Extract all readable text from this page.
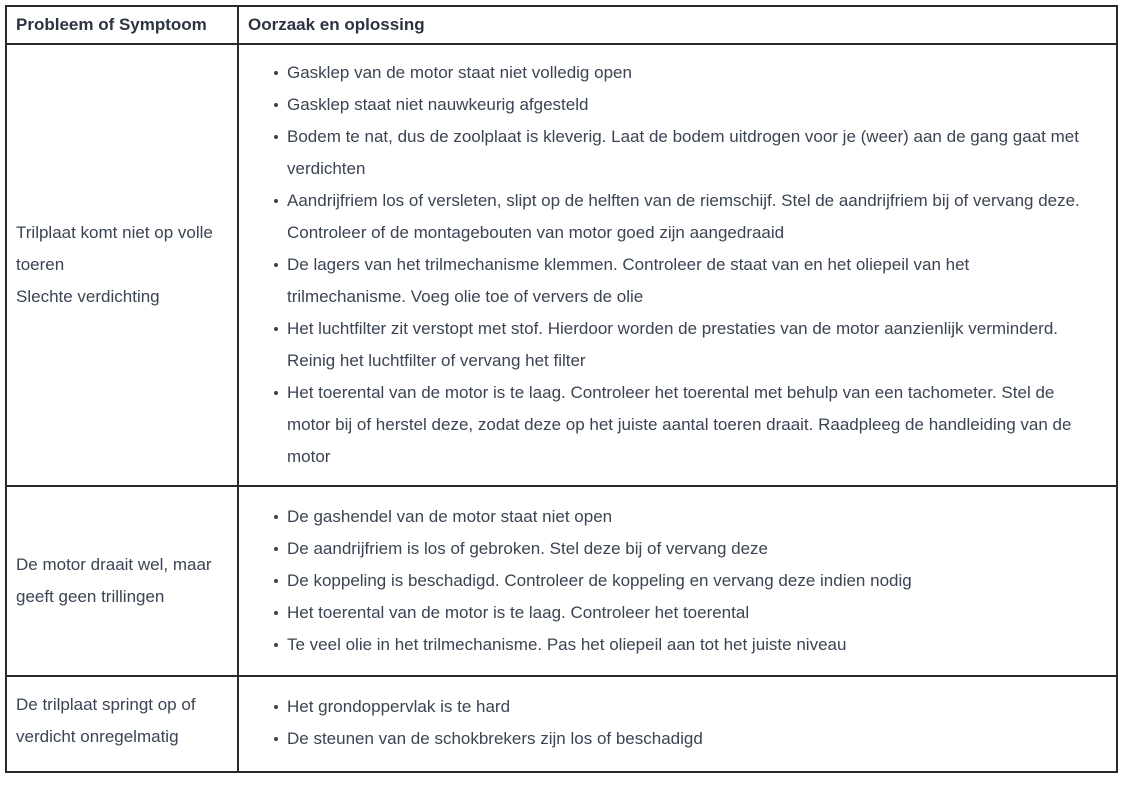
Probleem of Symptoom	Oorzaak en oplossing

Trilplaat komt niet op volle toeren
Slechte verdichting

Gasklep van de motor staat niet volledig open
Gasklep staat niet nauwkeurig afgesteld
Bodem te nat, dus de zoolplaat is kleverig. Laat de bodem uitdrogen voor je (weer) aan de gang gaat met verdichten
Aandrijfriem los of versleten, slipt op de helften van de riemschijf. Stel de aandrijfriem bij of vervang deze. Controleer of de montagebouten van motor goed zijn aangedraaid
De lagers van het trilmechanisme klemmen. Controleer de staat van en het oliepeil van het trilmechanisme. Voeg olie toe of ververs de olie
Het luchtfilter zit verstopt met stof. Hierdoor worden de prestaties van de motor aanzienlijk verminderd. Reinig het luchtfilter of vervang het filter
Het toerental van de motor is te laag. Controleer het toerental met behulp van een tachometer. Stel de motor bij of herstel deze, zodat deze op het juiste aantal toeren draait. Raadpleeg de handleiding van de motor

De motor draait wel, maar geeft geen trillingen

De gashendel van de motor staat niet open
De aandrijfriem is los of gebroken. Stel deze bij of vervang deze
De koppeling is beschadigd. Controleer de koppeling en vervang deze indien nodig
Het toerental van de motor is te laag. Controleer het toerental
Te veel olie in het trilmechanisme. Pas het oliepeil aan tot het juiste niveau

De trilplaat springt op of verdicht onregelmatig

Het grondoppervlak is te hard
De steunen van de schokbrekers zijn los of beschadigd
